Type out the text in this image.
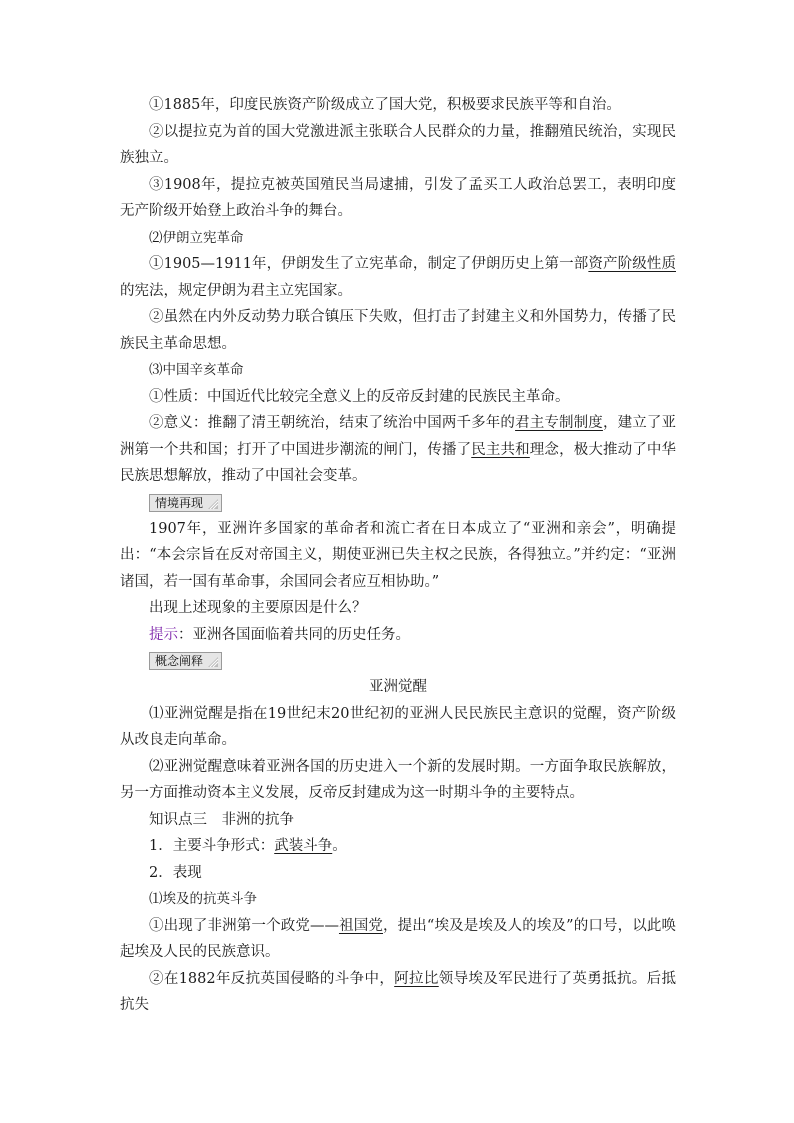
①1885年，印度民族资产阶级成立了国大党，积极要求民族平等和自治。

②以提拉克为首的国大党激进派主张联合人民群众的力量，推翻殖民统治，实现民族独立。

③1908年，提拉克被英国殖民当局逮捕，引发了孟买工人政治总罢工，表明印度无产阶级开始登上政治斗争的舞台。

⑵伊朗立宪革命

①1905—1911年，伊朗发生了立宪革命，制定了伊朗历史上第一部资产阶级性质的宪法，规定伊朗为君主立宪国家。

②虽然在内外反动势力联合镇压下失败，但打击了封建主义和外国势力，传播了民族民主革命思想。

⑶中国辛亥革命

①性质：中国近代比较完全意义上的反帝反封建的民族民主革命。

②意义：推翻了清王朝统治，结束了统治中国两千多年的君主专制制度，建立了亚洲第一个共和国；打开了中国进步潮流的闸门，传播了民主共和理念，极大推动了中华民族思想解放，推动了中国社会变革。

情境再现

1907年，亚洲许多国家的革命者和流亡者在日本成立了“亚洲和亲会”，明确提出：“本会宗旨在反对帝国主义，期使亚洲已失主权之民族，各得独立。”并约定：“亚洲诸国，若一国有革命事，余国同会者应互相协助。”

出现上述现象的主要原因是什么？

提示：亚洲各国面临着共同的历史任务。

概念阐释

亚洲觉醒

⑴亚洲觉醒是指在19世纪末20世纪初的亚洲人民民族民主意识的觉醒，资产阶级从改良走向革命。

⑵亚洲觉醒意味着亚洲各国的历史进入一个新的发展时期。一方面争取民族解放，另一方面推动资本主义发展，反帝反封建成为这一时期斗争的主要特点。

知识点三　非洲的抗争

1．主要斗争形式：武装斗争。

2．表现

⑴埃及的抗英斗争

①出现了非洲第一个政党——祖国党，提出“埃及是埃及人的埃及”的口号，以此唤起埃及人民的民族意识。

②在1882年反抗英国侵略的斗争中，阿拉比领导埃及军民进行了英勇抵抗。后抵抗失
